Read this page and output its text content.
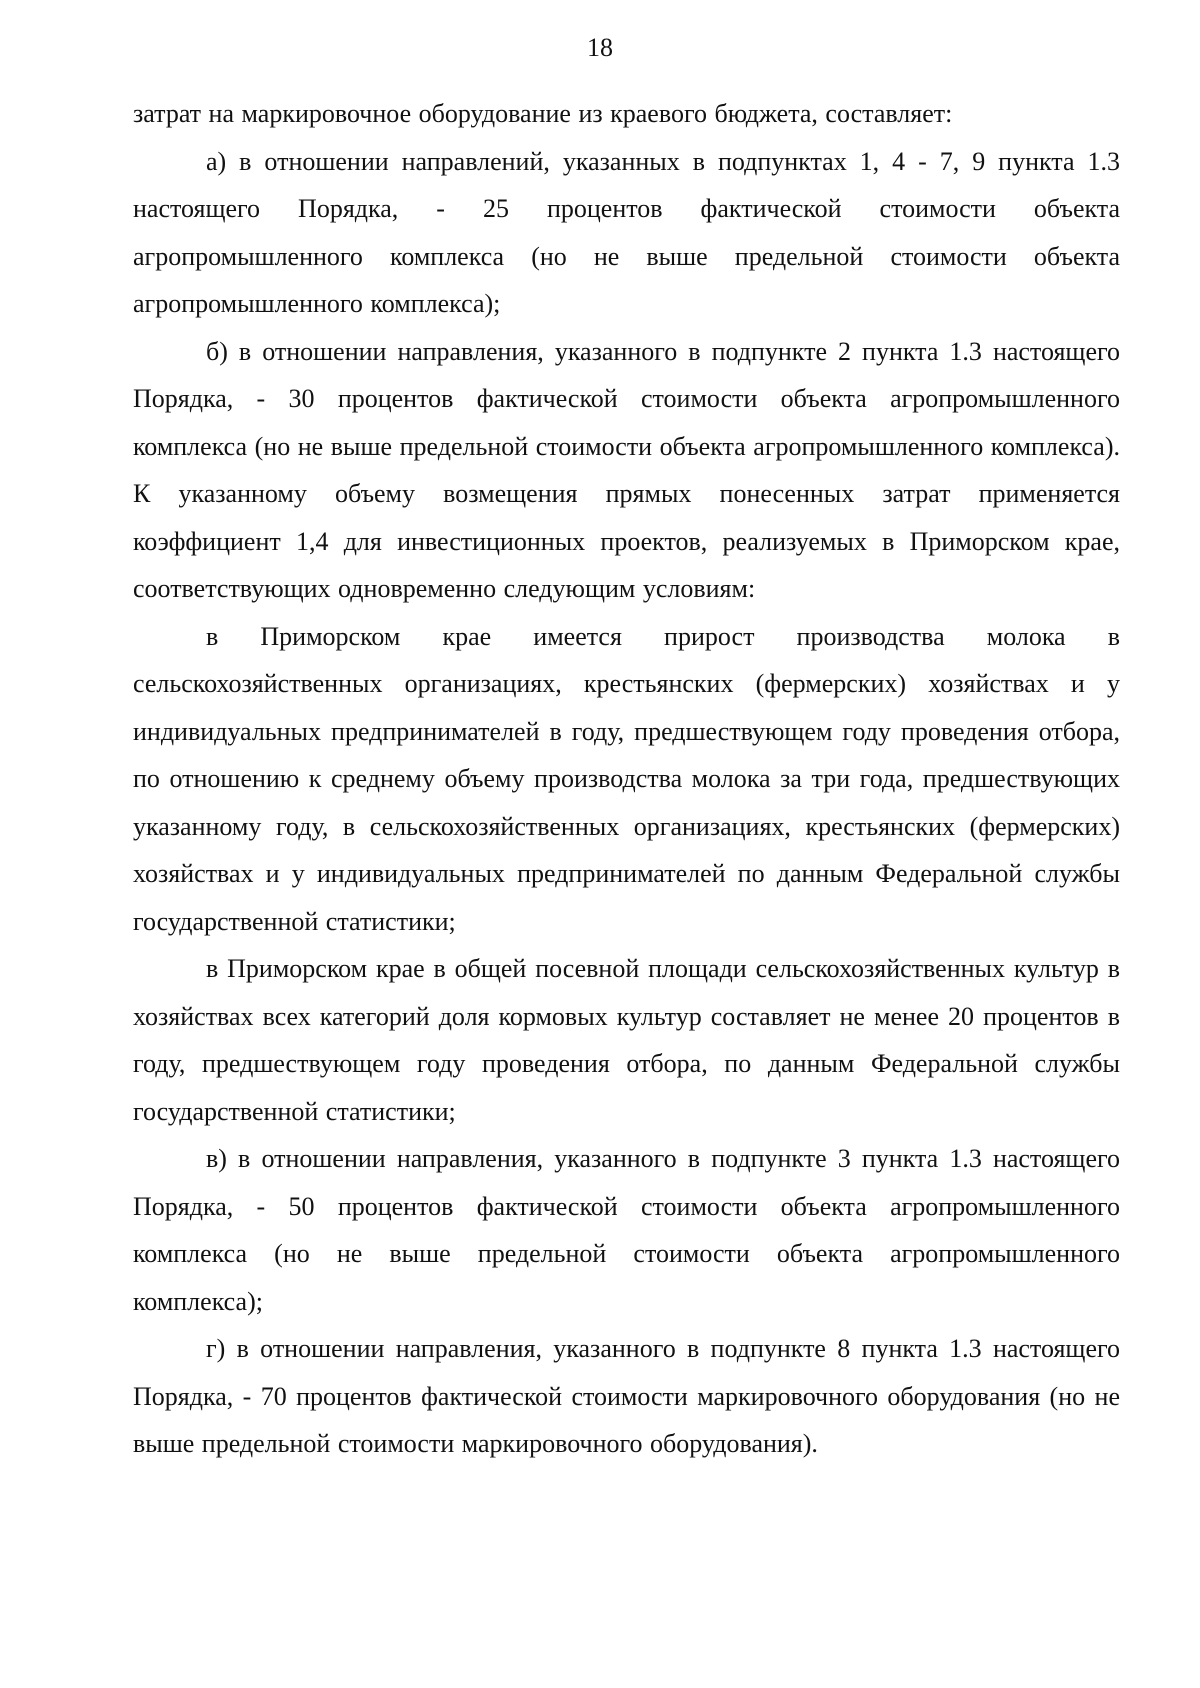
18

затрат на маркировочное оборудование из краевого бюджета, составляет:

а) в отношении направлений, указанных в подпунктах 1, 4 - 7, 9 пункта 1.3 настоящего Порядка, - 25 процентов фактической стоимости объекта агропромышленного комплекса (но не выше предельной стоимости объекта агропромышленного комплекса);

б) в отношении направления, указанного в подпункте 2 пункта 1.3 настоящего Порядка, - 30 процентов фактической стоимости объекта агропромышленного комплекса (но не выше предельной стоимости объекта агропромышленного комплекса). К указанному объему возмещения прямых понесенных затрат применяется коэффициент 1,4 для инвестиционных проектов, реализуемых в Приморском крае, соответствующих одновременно следующим условиям:

в Приморском крае имеется прирост производства молока в сельскохозяйственных организациях, крестьянских (фермерских) хозяйствах и у индивидуальных предпринимателей в году, предшествующем году проведения отбора, по отношению к среднему объему производства молока за три года, предшествующих указанному году, в сельскохозяйственных организациях, крестьянских (фермерских) хозяйствах и у индивидуальных предпринимателей по данным Федеральной службы государственной статистики;

в Приморском крае в общей посевной площади сельскохозяйственных культур в хозяйствах всех категорий доля кормовых культур составляет не менее 20 процентов в году, предшествующем году проведения отбора, по данным Федеральной службы государственной статистики;

в) в отношении направления, указанного в подпункте 3 пункта 1.3 настоящего Порядка, - 50 процентов фактической стоимости объекта агропромышленного комплекса (но не выше предельной стоимости объекта агропромышленного комплекса);

г) в отношении направления, указанного в подпункте 8 пункта 1.3 настоящего Порядка, - 70 процентов фактической стоимости маркировочного оборудования (но не выше предельной стоимости маркировочного оборудования).
